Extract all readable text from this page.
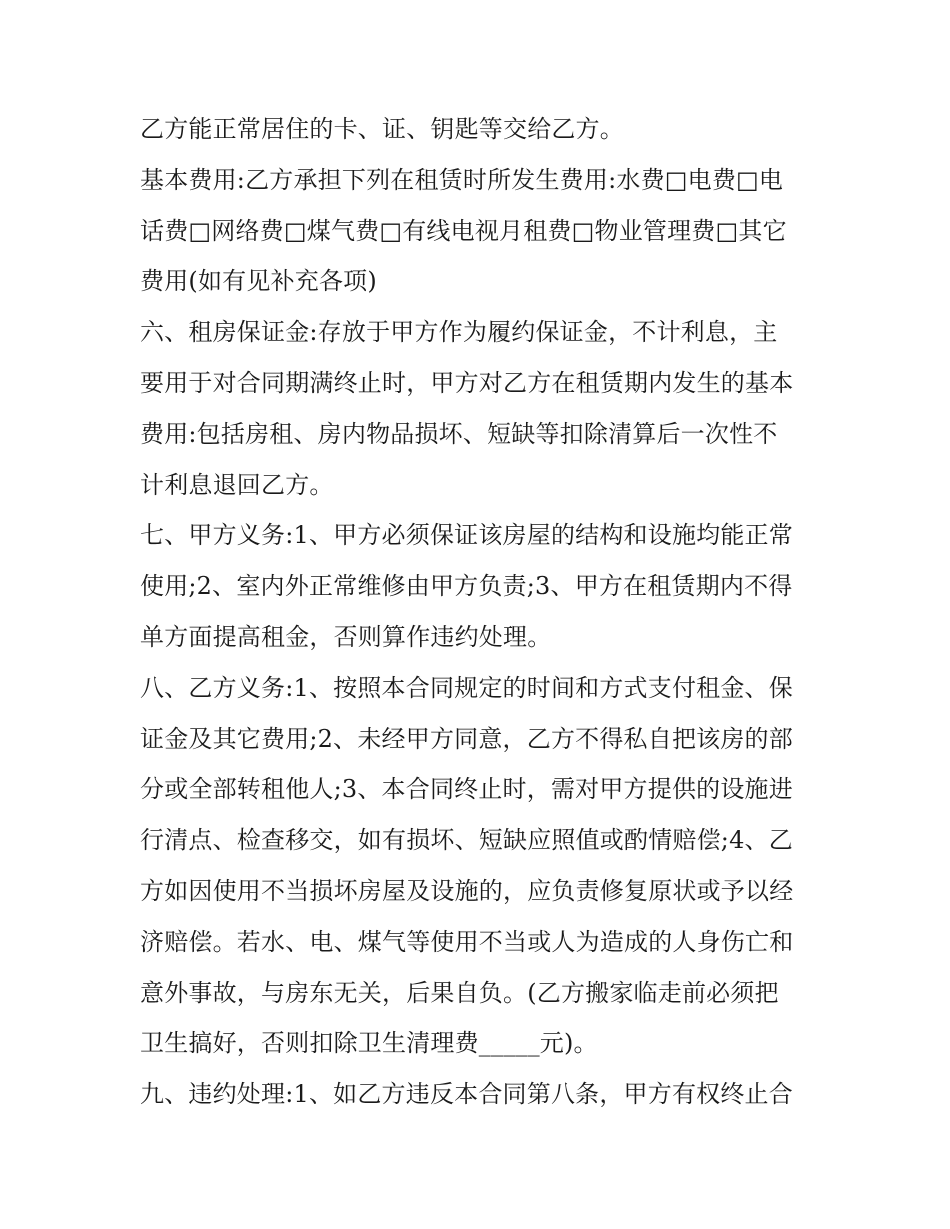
乙方能正常居住的卡、证、钥匙等交给乙方。
基本费用:乙方承担下列在租赁时所发生费用:水费□电费□电
话费□网络费□煤气费□有线电视月租费□物业管理费□其它
费用(如有见补充各项)
六、租房保证金:存放于甲方作为履约保证金，不计利息，主
要用于对合同期满终止时，甲方对乙方在租赁期内发生的基本
费用:包括房租、房内物品损坏、短缺等扣除清算后一次性不
计利息退回乙方。
七、甲方义务:1、甲方必须保证该房屋的结构和设施均能正常
使用;2、室内外正常维修由甲方负责;3、甲方在租赁期内不得
单方面提高租金，否则算作违约处理。
八、乙方义务:1、按照本合同规定的时间和方式支付租金、保
证金及其它费用;2、未经甲方同意，乙方不得私自把该房的部
分或全部转租他人;3、本合同终止时，需对甲方提供的设施进
行清点、检查移交，如有损坏、短缺应照值或酌情赔偿;4、乙
方如因使用不当损坏房屋及设施的，应负责修复原状或予以经
济赔偿。若水、电、煤气等使用不当或人为造成的人身伤亡和
意外事故，与房东无关，后果自负。(乙方搬家临走前必须把
卫生搞好，否则扣除卫生清理费_____元)。
九、违约处理:1、如乙方违反本合同第八条，甲方有权终止合
